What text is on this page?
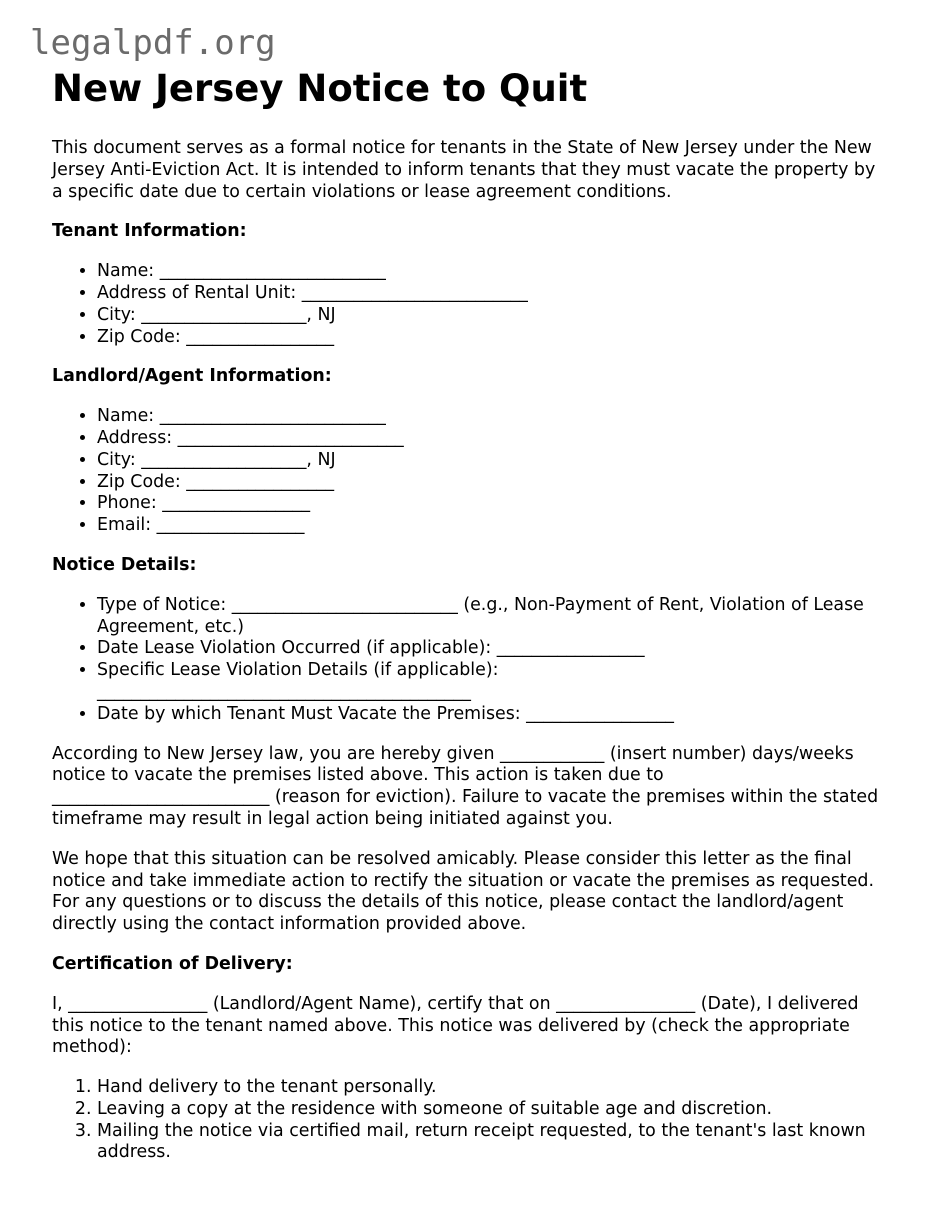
legalpdf.org
New Jersey Notice to Quit

This document serves as a formal notice for tenants in the State of New Jersey under the New Jersey Anti-Eviction Act. It is intended to inform tenants that they must vacate the property by a specific date due to certain violations or lease agreement conditions.

Tenant Information:
• Name: __________________________
• Address of Rental Unit: __________________________
• City: ___________________, NJ
• Zip Code: _________________
Landlord/Agent Information:
• Name: __________________________
• Address: __________________________
• City: ___________________, NJ
• Zip Code: _________________
• Phone: _________________
• Email: _________________
Notice Details:
• Type of Notice: __________________________ (e.g., Non-Payment of Rent, Violation of Lease Agreement, etc.)
• Date Lease Violation Occurred (if applicable): _________________
• Specific Lease Violation Details (if applicable):
___________________________________________
• Date by which Tenant Must Vacate the Premises: _________________

According to New Jersey law, you are hereby given ____________ (insert number) days/weeks notice to vacate the premises listed above. This action is taken due to _________________________ (reason for eviction). Failure to vacate the premises within the stated timeframe may result in legal action being initiated against you.

We hope that this situation can be resolved amicably. Please consider this letter as the final notice and take immediate action to rectify the situation or vacate the premises as requested. For any questions or to discuss the details of this notice, please contact the landlord/agent directly using the contact information provided above.

Certification of Delivery:

I, ________________ (Landlord/Agent Name), certify that on ________________ (Date), I delivered this notice to the tenant named above. This notice was delivered by (check the appropriate method):

1. Hand delivery to the tenant personally.
2. Leaving a copy at the residence with someone of suitable age and discretion.
3. Mailing the notice via certified mail, return receipt requested, to the tenant's last known address.
